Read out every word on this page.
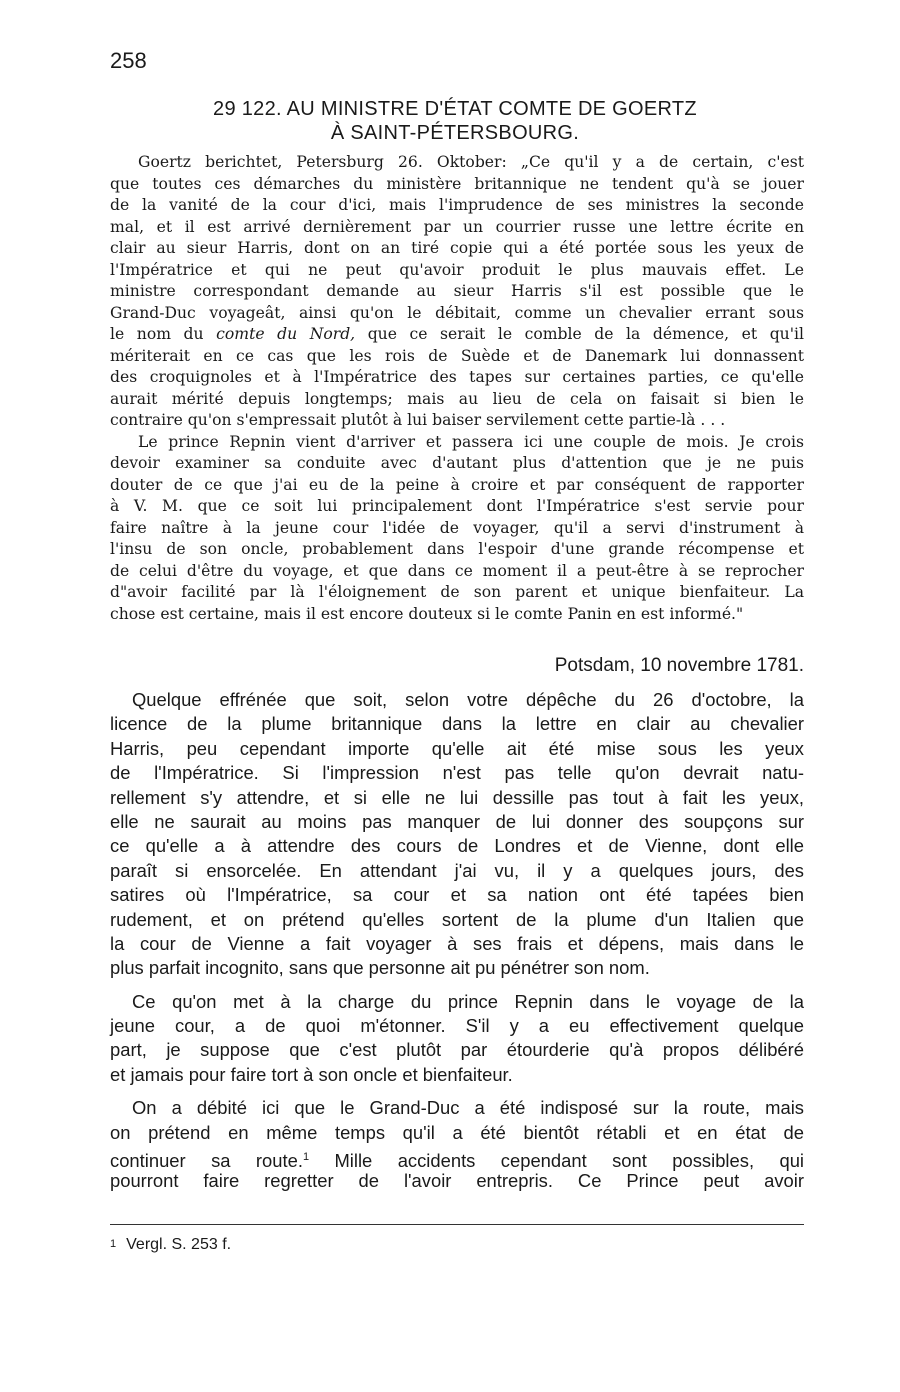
258
29 122. AU MINISTRE D'ÉTAT COMTE DE GOERTZ
À SAINT-PÉTERSBOURG.
Goertz berichtet, Petersburg 26. Oktober: „Ce qu'il y a de certain, c'est
que toutes ces démarches du ministère britannique ne tendent qu'à se jouer
de la vanité de la cour d'ici, mais l'imprudence de ses ministres la seconde
mal, et il est arrivé dernièrement par un courrier russe une lettre écrite en
clair au sieur Harris, dont on an tiré copie qui a été portée sous les yeux de
l'Impératrice et qui ne peut qu'avoir produit le plus mauvais effet. Le
ministre correspondant demande au sieur Harris s'il est possible que le
Grand-Duc voyageât, ainsi qu'on le débitait, comme un chevalier errant sous
le nom du comte du Nord, que ce serait le comble de la démence, et qu'il
mériterait en ce cas que les rois de Suède et de Danemark lui donnassent
des croquignoles et à l'Impératrice des tapes sur certaines parties, ce qu'elle
aurait mérité depuis longtemps; mais au lieu de cela on faisait si bien le
contraire qu'on s'empressait plutôt à lui baiser servilement cette partie-là . . .
Le prince Repnin vient d'arriver et passera ici une couple de mois. Je crois
devoir examiner sa conduite avec d'autant plus d'attention que je ne puis
douter de ce que j'ai eu de la peine à croire et par conséquent de rapporter
à V. M. que ce soit lui principalement dont l'Impératrice s'est servie pour
faire naître à la jeune cour l'idée de voyager, qu'il a servi d'instrument à
l'insu de son oncle, probablement dans l'espoir d'une grande récompense et
de celui d'être du voyage, et que dans ce moment il a peut-être à se reprocher
d"avoir facilité par là l'éloignement de son parent et unique bienfaiteur. La
chose est certaine, mais il est encore douteux si le comte Panin en est informé."
Potsdam, 10 novembre 1781.
Quelque effrénée que soit, selon votre dépêche du 26 d'octobre, la
licence de la plume britannique dans la lettre en clair au chevalier
Harris, peu cependant importe qu'elle ait été mise sous les yeux
de l'Impératrice. Si l'impression n'est pas telle qu'on devrait natu-
rellement s'y attendre, et si elle ne lui dessille pas tout à fait les yeux,
elle ne saurait au moins pas manquer de lui donner des soupçons sur
ce qu'elle a à attendre des cours de Londres et de Vienne, dont elle
paraît si ensorcelée. En attendant j'ai vu, il y a quelques jours, des
satires où l'Impératrice, sa cour et sa nation ont été tapées bien
rudement, et on prétend qu'elles sortent de la plume d'un Italien que
la cour de Vienne a fait voyager à ses frais et dépens, mais dans le
plus parfait incognito, sans que personne ait pu pénétrer son nom.
Ce qu'on met à la charge du prince Repnin dans le voyage de la
jeune cour, a de quoi m'étonner. S'il y a eu effectivement quelque
part, je suppose que c'est plutôt par étourderie qu'à propos délibéré
et jamais pour faire tort à son oncle et bienfaiteur.
On a débité ici que le Grand-Duc a été indisposé sur la route, mais
on prétend en même temps qu'il a été bientôt rétabli et en état de
continuer sa route.$^1$ Mille accidents cependant sont possibles, qui
pourront faire regretter de l'avoir entrepris. Ce Prince peut avoir
$^1$ Vergl. S. 253 f.
